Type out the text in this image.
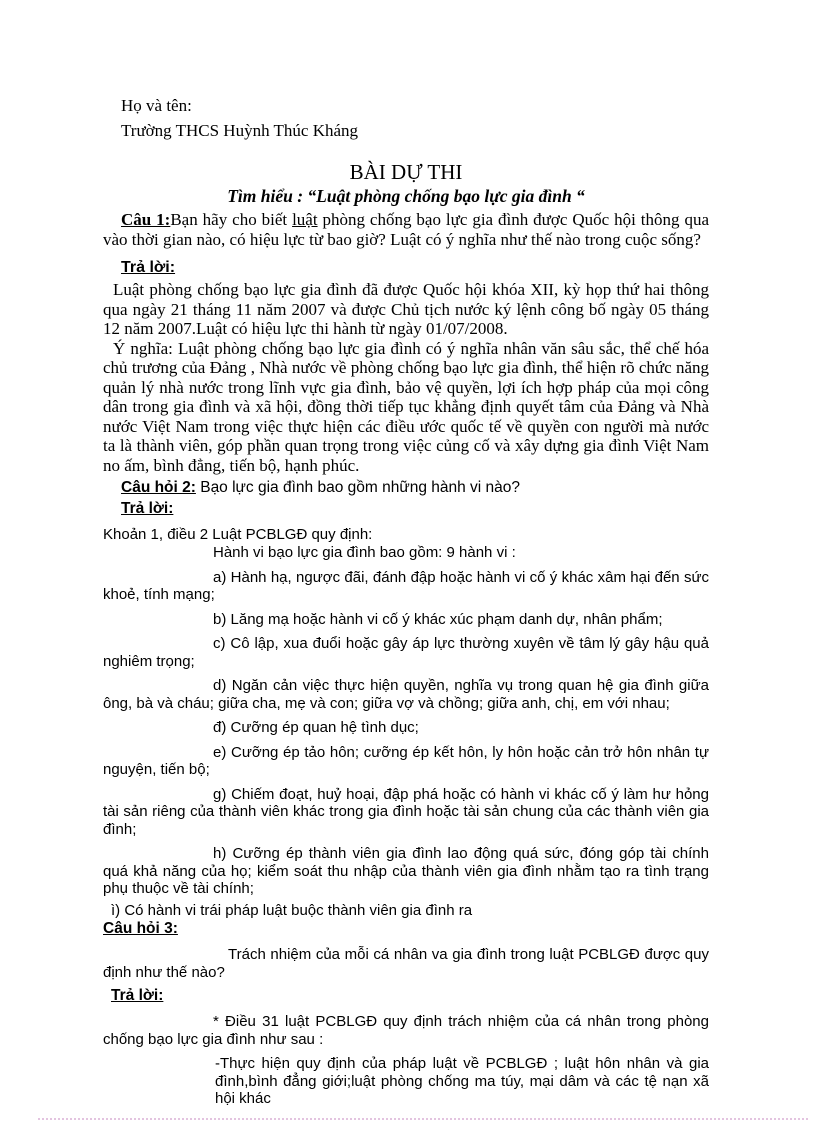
Họ và tên:

Trường THCS Huỳnh Thúc Kháng

BÀI DỰ THI

Tìm hiểu : “Luật phòng chống bạo lực gia đình “

Câu 1:Bạn hãy cho biết luật phòng chống bạo lực gia đình được Quốc hội thông qua vào thời gian nào, có hiệu lực từ bao giờ? Luật có ý nghĩa như thế nào trong cuộc sống?

Trả lời:

Luật phòng chống bạo lực gia đình đã được Quốc hội khóa XII, kỳ họp thứ hai thông qua ngày 21 tháng 11 năm 2007 và được Chủ tịch nước ký lệnh công bố ngày 05 tháng 12 năm 2007.Luật có hiệu lực thi hành từ ngày 01/07/2008.

Ý nghĩa: Luật phòng chống bạo lực gia đình có ý nghĩa nhân văn sâu sắc, thể chế hóa chủ trương của Đảng , Nhà nước về phòng chống bạo lực gia đình, thể hiện rõ chức năng quản lý nhà nước trong lĩnh vực gia đình, bảo vệ quyền, lợi ích hợp pháp của mọi công dân trong gia đình và xã hội, đồng thời tiếp tục khẳng định quyết tâm của Đảng và Nhà nước Việt Nam trong việc thực hiện các điều ước quốc tế về quyền con người mà nước ta là thành viên, góp phần quan trọng trong việc củng cố và xây dựng gia đình Việt Nam no ấm, bình đẳng, tiến bộ, hạnh phúc.

Câu hỏi 2: Bạo lực gia đình bao gồm những hành vi nào?

Trả lời:

Khoản 1, điều 2 Luật PCBLGĐ quy định:

Hành vi bạo lực gia đình bao gồm: 9 hành vi :

a) Hành hạ, ngược đãi, đánh đập hoặc hành vi cố ý khác xâm hại đến sức khoẻ, tính mạng;

b) Lăng mạ hoặc hành vi cố ý khác xúc phạm danh dự, nhân phẩm;

c) Cô lập, xua đuổi hoặc gây áp lực thường xuyên về tâm lý gây hậu quả nghiêm trọng;

d) Ngăn cản việc thực hiện quyền, nghĩa vụ trong quan hệ gia đình giữa ông, bà và cháu; giữa cha, mẹ và con; giữa vợ và chồng; giữa anh, chị, em với nhau;

đ) Cưỡng ép quan hệ tình dục;

e) Cưỡng ép tảo hôn; cưỡng ép kết hôn, ly hôn hoặc cản trở hôn nhân tự nguyện, tiến bộ;

g) Chiếm đoạt, huỷ hoại, đập phá hoặc có hành vi khác cố ý làm hư hỏng tài sản riêng của thành viên khác trong gia đình hoặc tài sản chung của các thành viên gia đình;

h) Cưỡng ép thành viên gia đình lao động quá sức, đóng góp tài chính quá khả năng của họ; kiểm soát thu nhập của thành viên gia đình nhằm tạo ra tình trạng phụ thuộc về tài chính;

ì) Có hành vi trái pháp luật buộc thành viên gia đình ra

Câu hỏi 3:

Trách nhiệm của mỗi cá nhân va gia đình trong luật PCBLGĐ được quy định như thế nào?

Trả lời:

* Điều 31 luật PCBLGĐ quy định trách nhiệm của cá nhân trong phòng chống bạo lực gia đình như sau :

-Thực hiện quy định của pháp luật về PCBLGĐ ; luật hôn nhân và gia đình,bình đẳng giới;luật phòng chống ma túy, mại dâm và các tệ nạn xã hội khác
